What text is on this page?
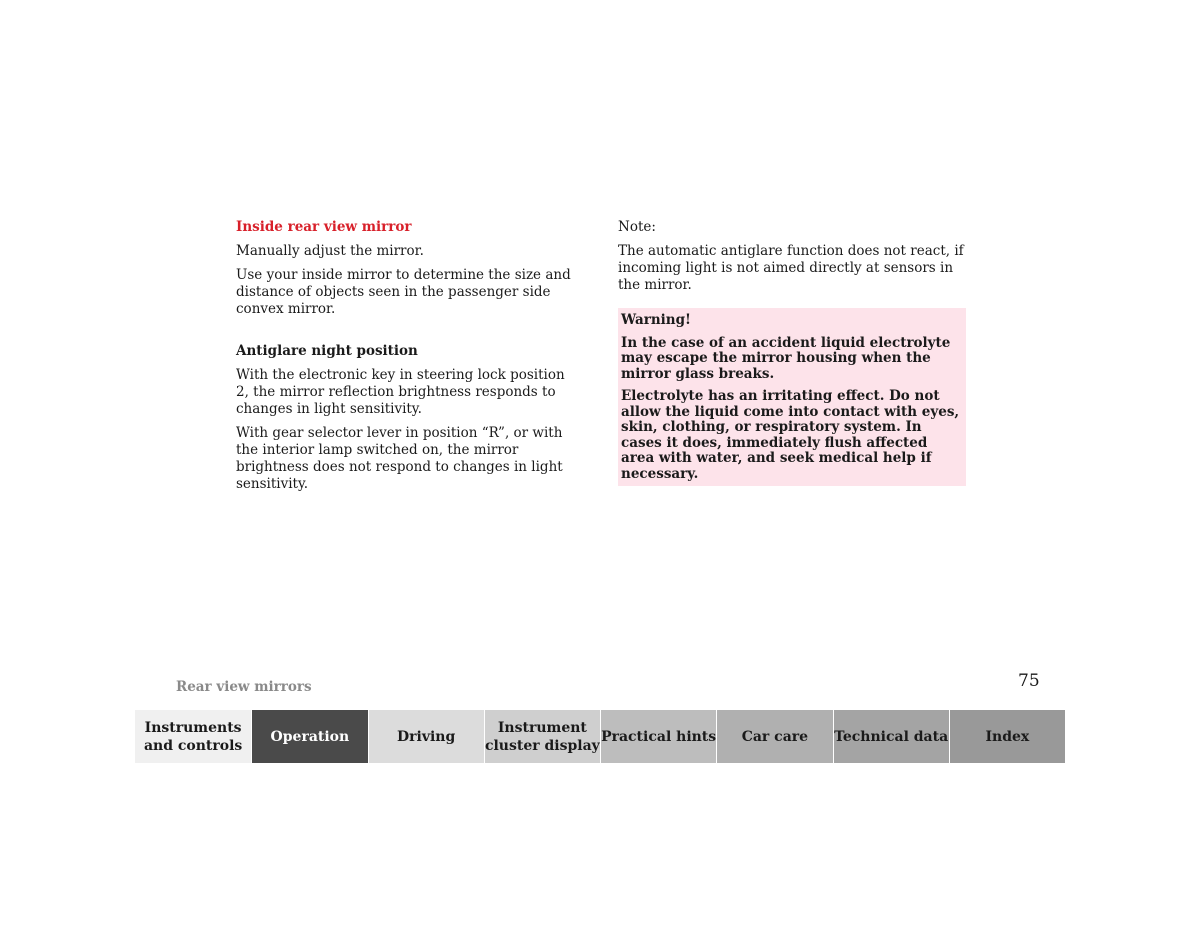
Inside rear view mirror

Manually adjust the mirror.

Use your inside mirror to determine the size and distance of objects seen in the passenger side convex mirror.

Antiglare night position

With the electronic key in steering lock position 2, the mirror reflection brightness responds to changes in light sensitivity.

With gear selector lever in position “R”, or with the interior lamp switched on, the mirror brightness does not respond to changes in light sensitivity.

Note:

The automatic antiglare function does not react, if incoming light is not aimed directly at sensors in the mirror.

Warning!

In the case of an accident liquid electrolyte may escape the mirror housing when the mirror glass breaks.

Electrolyte has an irritating effect. Do not allow the liquid come into contact with eyes, skin, clothing, or respiratory system. In cases it does, immediately flush affected area with water, and seek medical help if necessary.

Rear view mirrors	75
Instruments and controls
Operation	Driving
Instrument cluster display
Practical hints	Car care	Technical data	Index
